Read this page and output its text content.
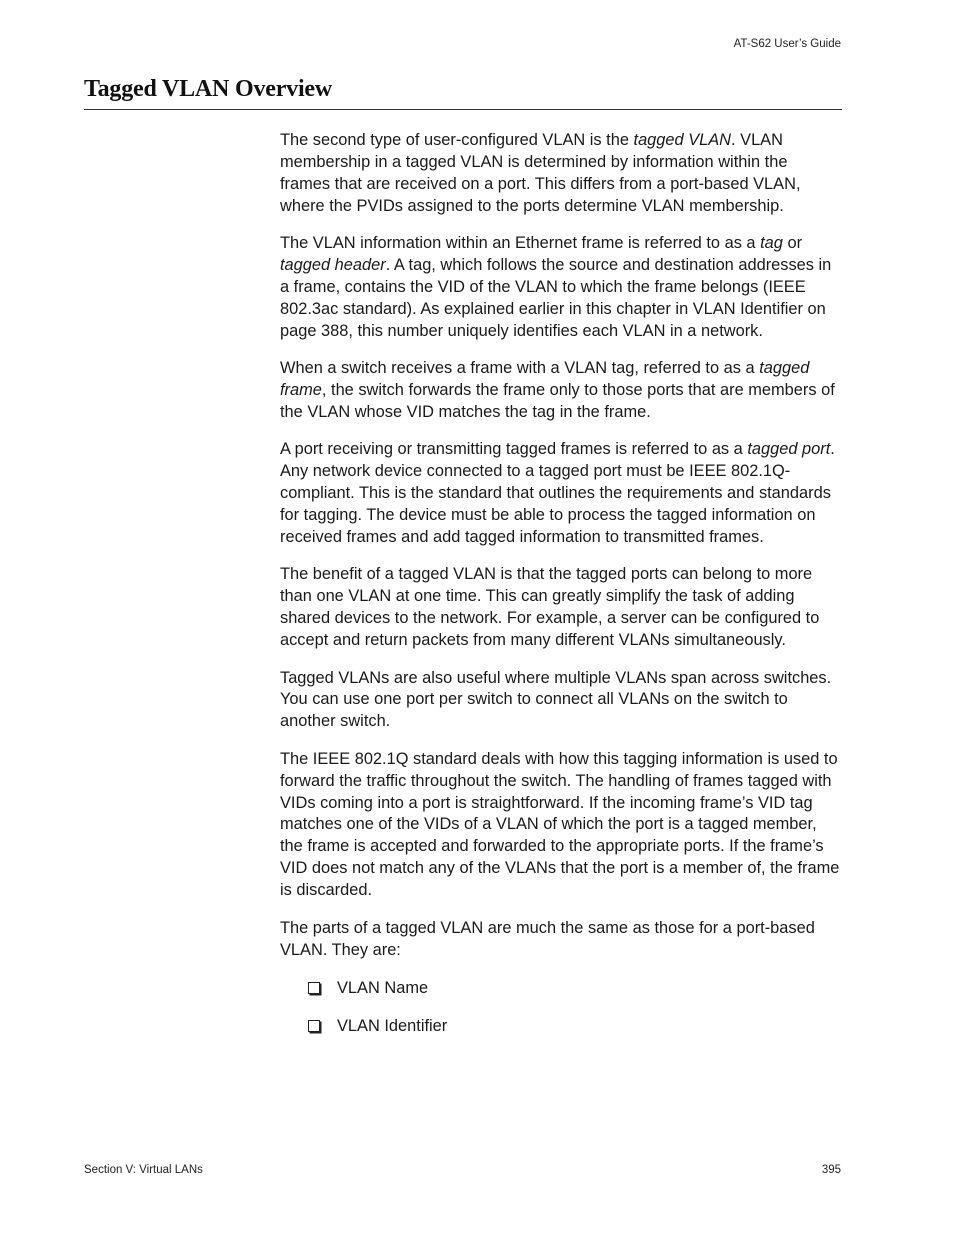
AT-S62 User’s Guide
Tagged VLAN Overview

The second type of user-configured VLAN is the tagged VLAN. VLAN membership in a tagged VLAN is determined by information within the frames that are received on a port. This differs from a port-based VLAN, where the PVIDs assigned to the ports determine VLAN membership.

The VLAN information within an Ethernet frame is referred to as a tag or tagged header. A tag, which follows the source and destination addresses in a frame, contains the VID of the VLAN to which the frame belongs (IEEE 802.3ac standard). As explained earlier in this chapter in VLAN Identifier on page 388, this number uniquely identifies each VLAN in a network.

When a switch receives a frame with a VLAN tag, referred to as a tagged frame, the switch forwards the frame only to those ports that are members of the VLAN whose VID matches the tag in the frame.

A port receiving or transmitting tagged frames is referred to as a tagged port. Any network device connected to a tagged port must be IEEE 802.1Q-compliant. This is the standard that outlines the requirements and standards for tagging. The device must be able to process the tagged information on received frames and add tagged information to transmitted frames.

The benefit of a tagged VLAN is that the tagged ports can belong to more than one VLAN at one time. This can greatly simplify the task of adding shared devices to the network. For example, a server can be configured to accept and return packets from many different VLANs simultaneously.

Tagged VLANs are also useful where multiple VLANs span across switches. You can use one port per switch to connect all VLANs on the switch to another switch.

The IEEE 802.1Q standard deals with how this tagging information is used to forward the traffic throughout the switch. The handling of frames tagged with VIDs coming into a port is straightforward. If the incoming frame’s VID tag matches one of the VIDs of a VLAN of which the port is a tagged member, the frame is accepted and forwarded to the appropriate ports. If the frame’s VID does not match any of the VLANs that the port is a member of, the frame is discarded.

The parts of a tagged VLAN are much the same as those for a port-based VLAN. They are:

VLAN Name
VLAN Identifier
Section V: Virtual LANs	395
